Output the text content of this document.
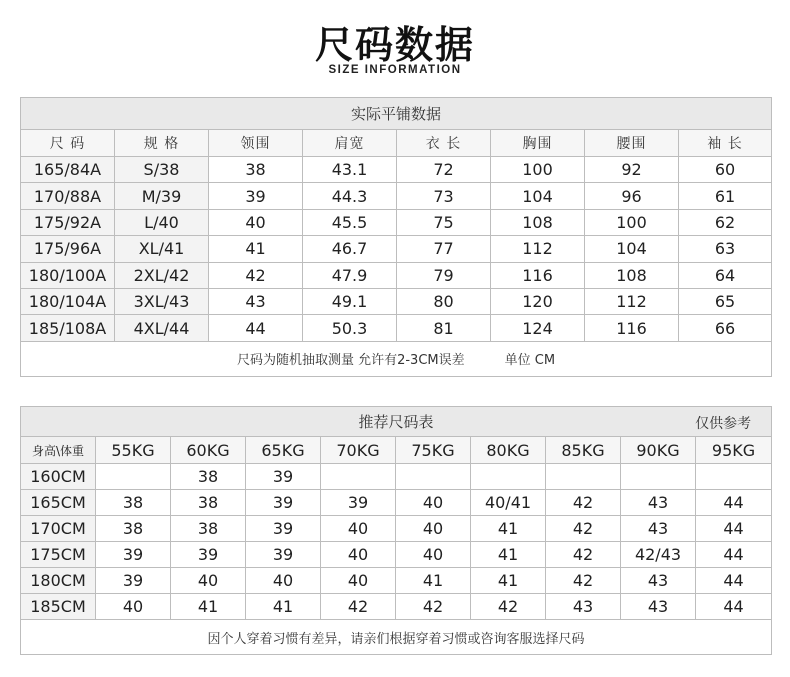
尺码数据
SIZE INFORMATION
实际平铺数据							
尺 码	规 格	领围	肩宽	衣 长	胸围	腰围	袖 长
165/84A	S/38	38	43.1	72	100	92	60
170/88A	M/39	39	44.3	73	104	96	61
175/92A	L/40	40	45.5	75	108	100	62
175/96A	XL/41	41	46.7	77	112	104	63
180/100A	2XL/42	42	47.9	79	116	108	64
180/104A	3XL/43	43	49.1	80	120	112	65
185/108A	4XL/44	44	50.3	81	124	116	66
尺码为随机抽取测量 允许有2-3CM误差 单位 CM							
推荐尺码表 仅供参考									

身高\体重	55KG	60KG	65KG	70KG	75KG	80KG	85KG	90KG	95KG
160CM		38	39						
165CM	38	38	39	39	40	40/41	42	43	44
170CM	38	38	39	40	40	41	42	43	44
175CM	39	39	39	40	40	41	42	42/43	44
180CM	39	40	40	40	41	41	42	43	44
185CM	40	41	41	42	42	42	43	43	44
因个人穿着习惯有差异，请亲们根据穿着习惯或咨询客服选择尺码									
